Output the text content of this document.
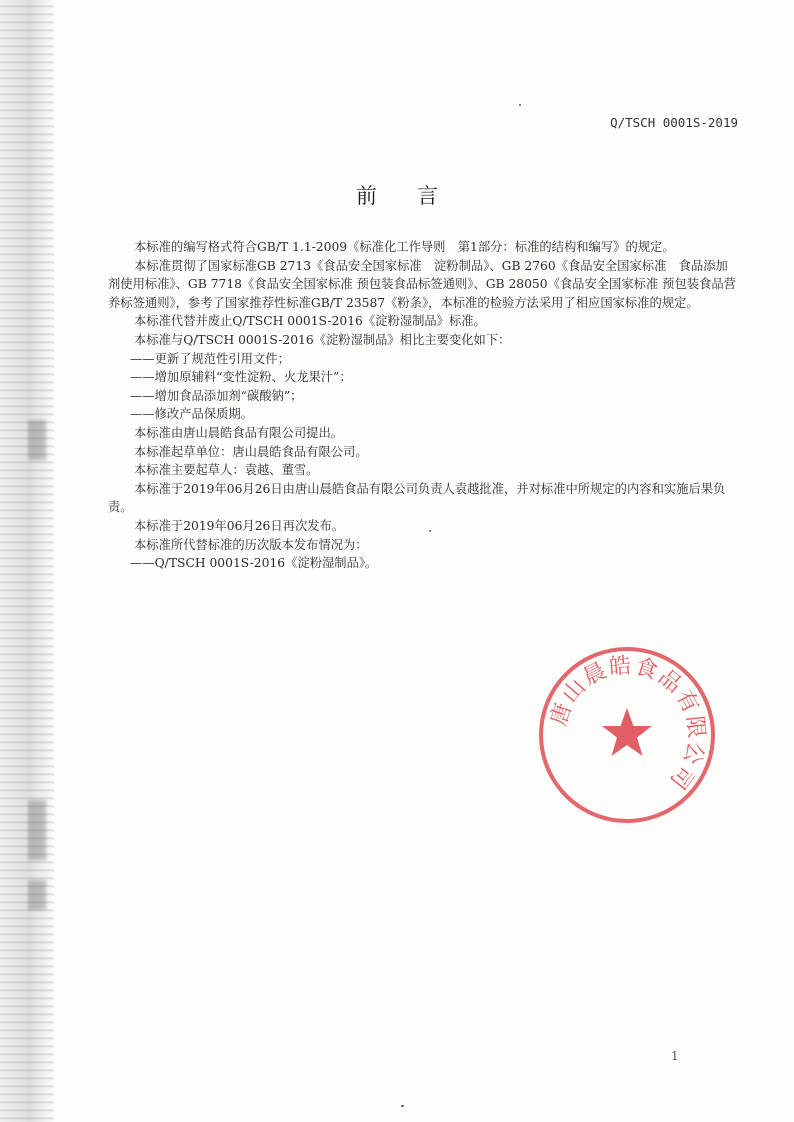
Q/TSCH 0001S-2019
前言

本标准的编写格式符合GB/T 1.1-2009《标准化工作导则　第1部分：标准的结构和编写》的规定。

本标准贯彻了国家标准GB 2713《食品安全国家标准　淀粉制品》、GB 2760《食品安全国家标准　食品添加剂使用标准》、GB 7718《食品安全国家标准 预包装食品标签通则》、GB 28050《食品安全国家标准 预包装食品营养标签通则》，参考了国家推荐性标准GB/T 23587《粉条》，本标准的检验方法采用了相应国家标准的规定。

本标准代替并废止Q/TSCH 0001S-2016《淀粉湿制品》标准。

本标准与Q/TSCH 0001S-2016《淀粉湿制品》相比主要变化如下：

——更新了规范性引用文件；

——增加原辅料“变性淀粉、火龙果汁”；

——增加食品添加剂“碳酸钠”；

——修改产品保质期。

本标准由唐山晨皓食品有限公司提出。

本标准起草单位：唐山晨皓食品有限公司。

本标准主要起草人：袁越、董雪。

本标准于2019年06月26日由唐山晨皓食品有限公司负责人袁越批准，并对标准中所规定的内容和实施后果负责。

本标准于2019年06月26日再次发布。

本标准所代替标准的历次版本发布情况为：

——Q/TSCH 0001S-2016《淀粉湿制品》。

唐山晨皓食品有限公司
1
